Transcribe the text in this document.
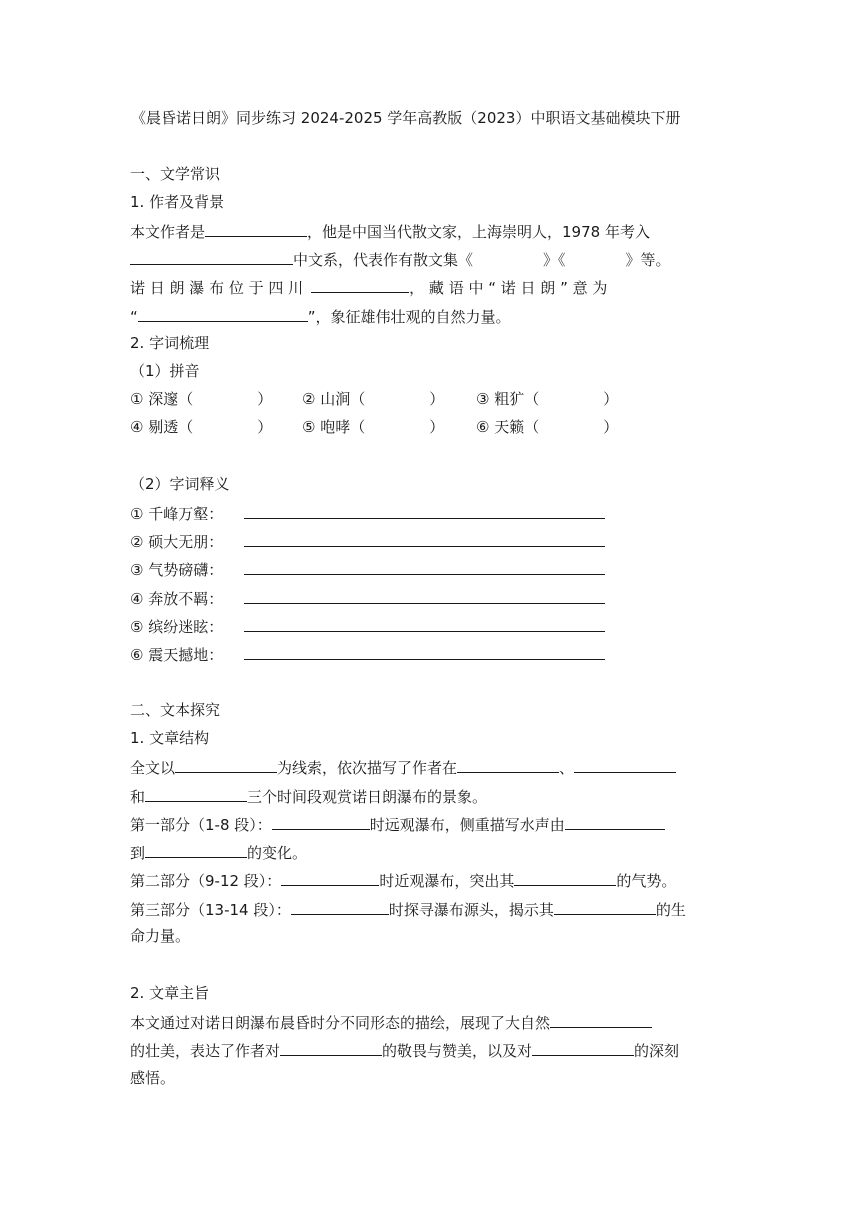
《晨昏诺日朗》同步练习 2024-2025 学年高教版（2023）中职语文基础模块下册
一、文学常识
1. 作者及背景
本文作者是	，他是中国当代散文家，上海崇明人，1978 年考入
中文系，代表作有散文集《	》《	》等。
诺 日 朗 瀑 布 位 于 四 川	， 藏 语 中 “ 诺 日 朗 ” 意 为
“	”，象征雄伟壮观的自然力量。
2. 字词梳理
（1）拼音
① 深邃（	） ② 山涧（	） ③ 粗犷（	）
④ 剔透（	） ⑤ 咆哮（	） ⑥ 天籁（	）
（2）字词释义
① 千峰万壑：
② 硕大无朋：
③ 气势磅礴：
④ 奔放不羁：
⑤ 缤纷迷眩：
⑥ 震天撼地：
二、文本探究
1. 文章结构
全文以	为线索，依次描写了作者在	、
和	三个时间段观赏诺日朗瀑布的景象。
第一部分（1-8 段）：	时远观瀑布，侧重描写水声由
到	的变化。
第二部分（9-12 段）：	时近观瀑布，突出其	的气势。
第三部分（13-14 段）：	时探寻瀑布源头，揭示其	的生
命力量。
2. 文章主旨
本文通过对诺日朗瀑布晨昏时分不同形态的描绘，展现了大自然
的壮美，表达了作者对	的敬畏与赞美，以及对	的深刻
感悟。
